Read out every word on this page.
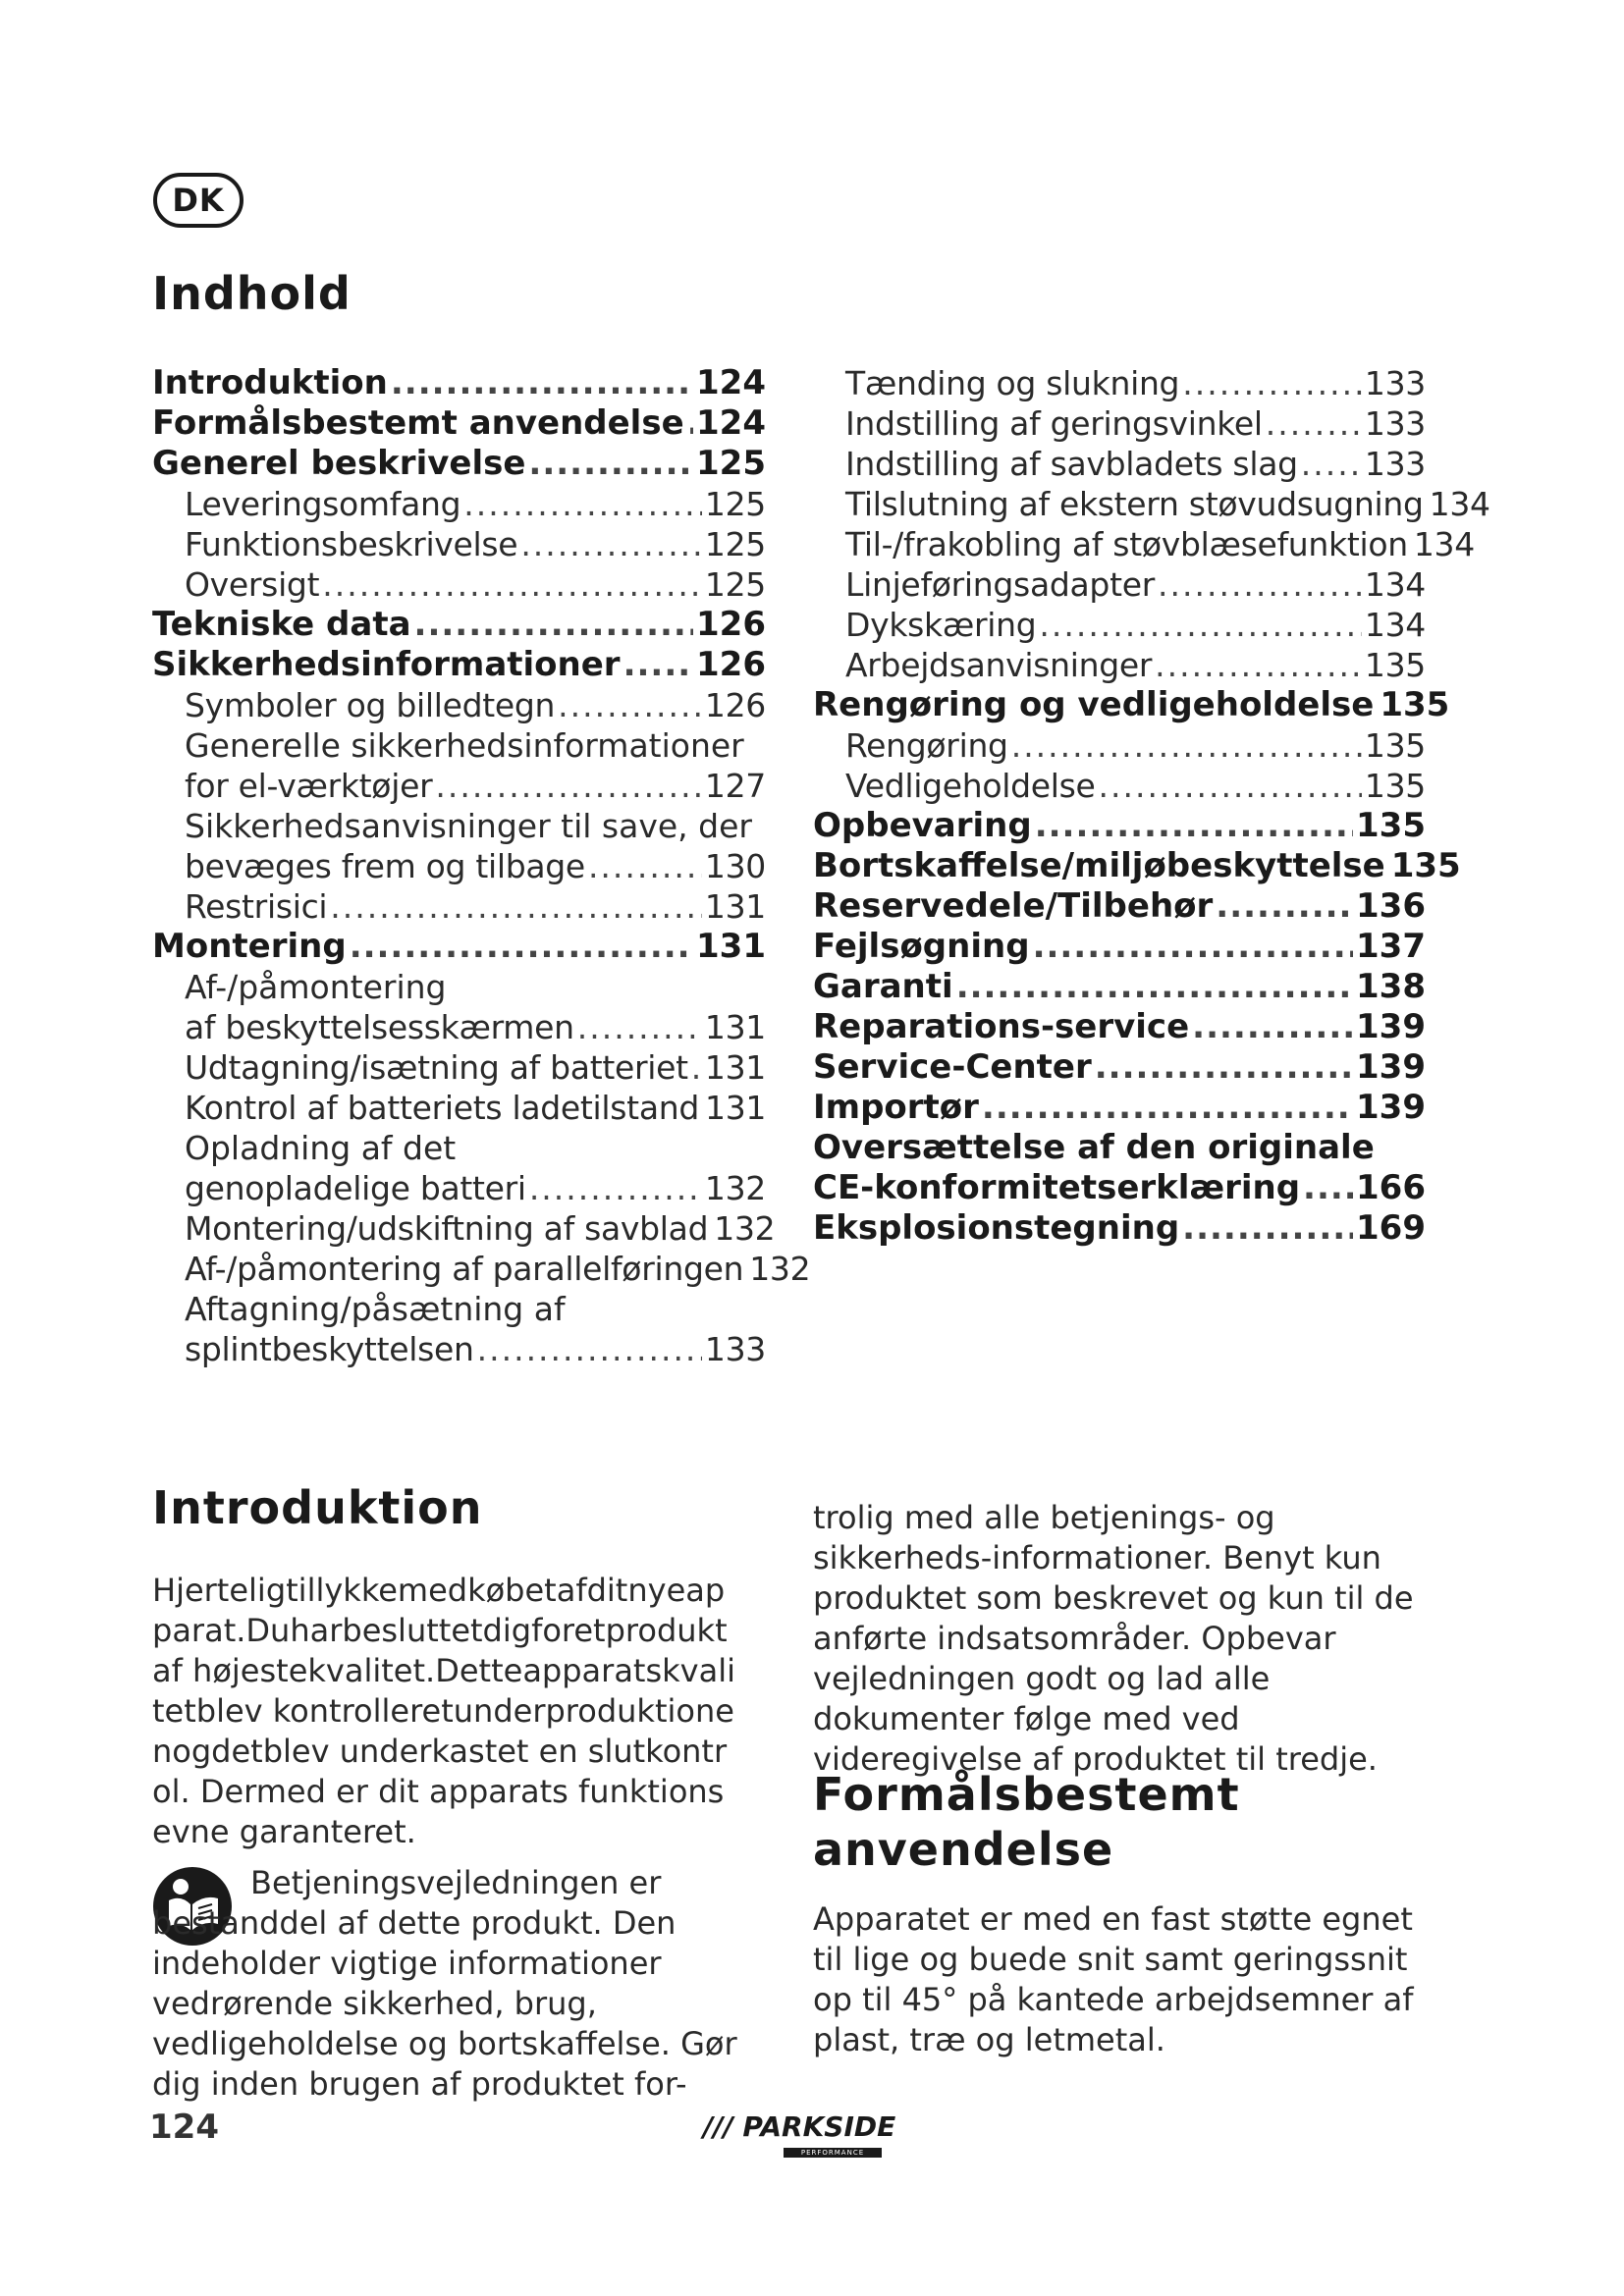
DK
Indhold
Introduktion .....	124
Formålsbestemt anvendelse ..... 124
Generel beskrivelse .....	125
Leveringsomfang .....	125
Funktionsbeskrivelse .....	125
Oversigt .....	125
Tekniske data .....	126
Sikkerhedsinformationer ..... 126
Symboler og billedtegn .....	126
Generelle sikkerhedsinformationer
for el-værktøjer .....	127
Sikkerhedsanvisninger til save, der
bevæges frem og tilbage .....	130
Restrisici .....	131
Montering .....	131
Af-/påmontering
af beskyttelsesskærmen .....	131
Udtagning/isætning af batteriet ..... 131
Kontrol af batteriets ladetilstand 131
Opladning af det
genopladelige batteri .....	132
Montering/udskiftning af savblad 132
Af-/påmontering af parallelføringen 132
Aftagning/påsætning af
splintbeskyttelsen .....	133
Tænding og slukning .....	133
Indstilling af geringsvinkel .....	133
Indstilling af savbladets slag ..... 133
Tilslutning af ekstern støvudsugning 134
Til-/frakobling af støvblæsefunktion 134
Linjeføringsadapter .....	134
Dykskæring .....	134
Arbejdsanvisninger .....	135
Rengøring og vedligeholdelse 135
Rengøring .....	135
Vedligeholdelse .....	135
Opbevaring .....	135
Bortskaffelse/miljøbeskyttelse 135
Reservedele/Tilbehør .....	136
Fejlsøgning .....	137
Garanti .....	138
Reparations-service .....	139
Service-Center .....	139
Importør .....	139
Oversættelse af den originale
CE-konformitetserklæring ..... 166
Eksplosionstegning .....	169
Introduktion

Hjerteligtillykkemedkøbetafditnyeapparat.Duharbesluttetdigforetproduktaf højestekvalitet.Detteapparatskvalitetblev kontrolleretunderproduktionenogdetblev underkastet en slutkontrol. Dermed er dit apparats funktionsevne garanteret.

Betjeningsvejledningen er bestanddel af dette produkt. Den indeholder vigtige informationer vedrørende sikkerhed, brug, vedligeholdelse og bortskaffelse. Gør dig inden brugen af produktet for-

trolig med alle betjenings- og sikkerheds-informationer. Benyt kun produktet som beskrevet og kun til de anførte indsatsområder. Opbevar vejledningen godt og lad alle dokumenter følge med ved videregivelse af produktet til tredje.

Formålsbestemt anvendelse

Apparatet er med en fast støtte egnet til lige og buede snit samt geringssnit op til 45° på kantede arbejdsemner af plast, træ og letmetal.

124	/// PARKSIDE
PERFORMANCE
